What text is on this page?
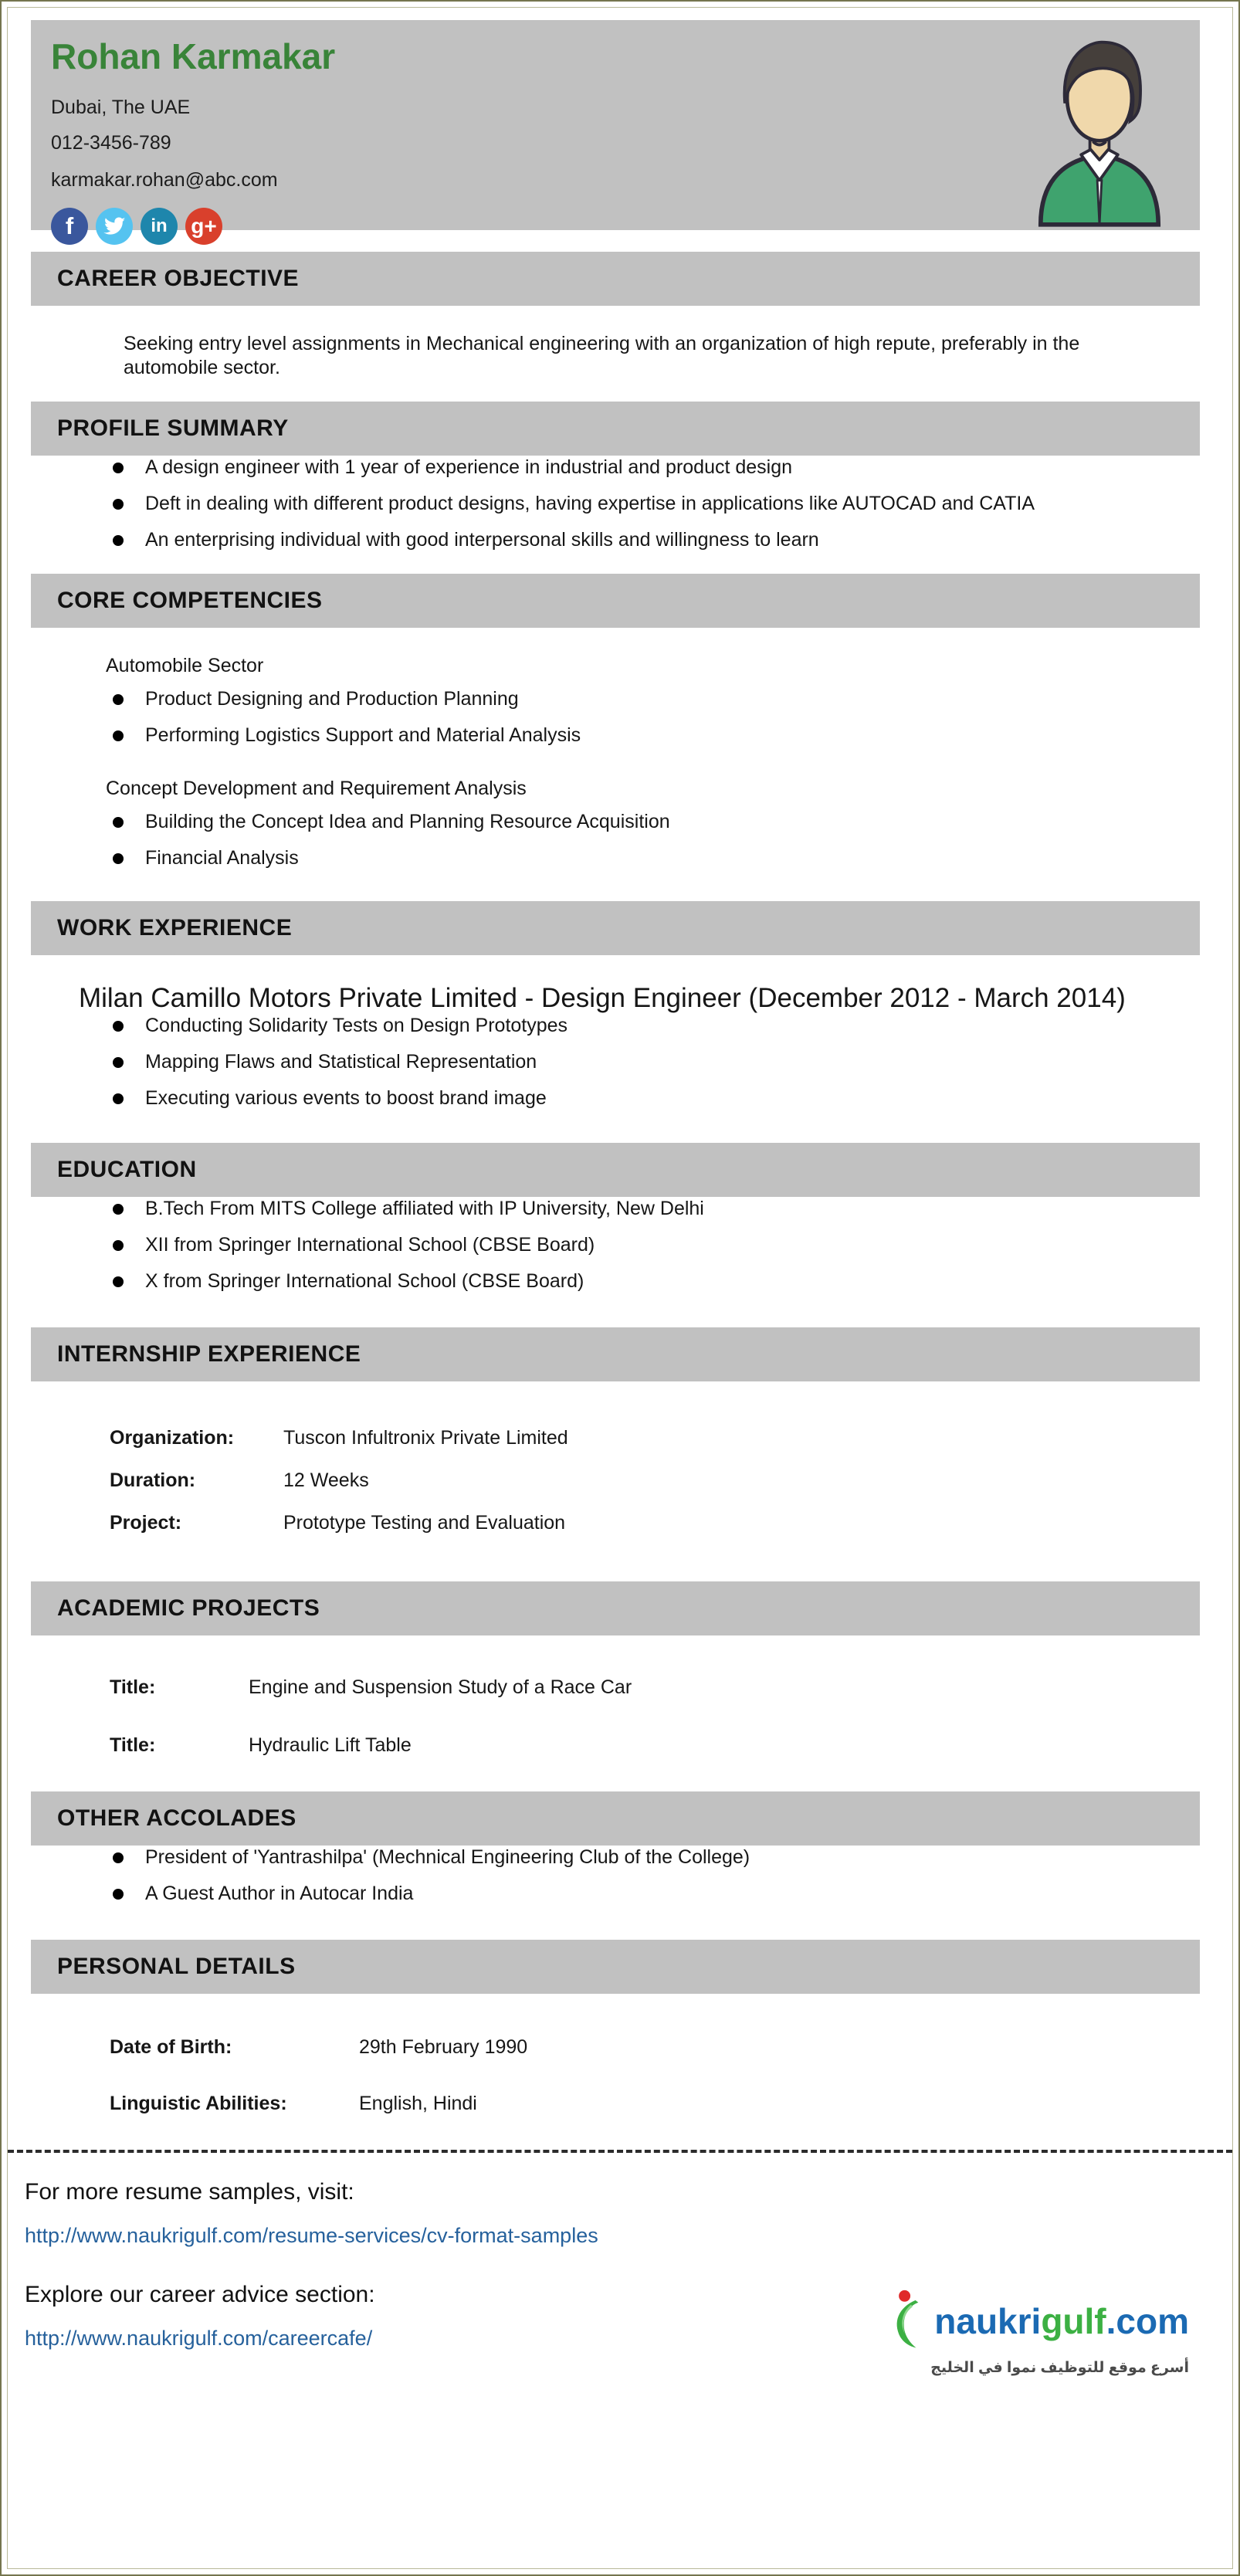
Rohan Karmakar

Dubai, The UAE

012-3456-789

karmakar.rohan@abc.com

f	in	g+
CAREER OBJECTIVE

Seeking entry level assignments in Mechanical engineering with an organization of high repute, preferably in the automobile sector.

PROFILE SUMMARY
A design engineer with 1 year of experience in industrial and product design
Deft in dealing with different product designs, having expertise in applications like AUTOCAD and CATIA
An enterprising individual with good interpersonal skills and willingness to learn
CORE COMPETENCIES

Automobile Sector

Product Designing and Production Planning
Performing Logistics Support and Material Analysis

Concept Development and Requirement Analysis

Building the Concept Idea and Planning Resource Acquisition
Financial Analysis
WORK EXPERIENCE

Milan Camillo Motors Private Limited - Design Engineer (December 2012 - March 2014)

Conducting Solidarity Tests on Design Prototypes
Mapping Flaws and Statistical Representation
Executing various events to boost brand image
EDUCATION
B.Tech From MITS College affiliated with IP University, New Delhi
XII from Springer International School (CBSE Board)
X from Springer International School (CBSE Board)
INTERNSHIP EXPERIENCE
Organization:	Tuscon Infultronix Private Limited
Duration:	12 Weeks
Project:	Prototype Testing and Evaluation
ACADEMIC PROJECTS
Title:	Engine and Suspension Study of a Race Car
Title:	Hydraulic Lift Table
OTHER ACCOLADES
President of 'Yantrashilpa' (Mechnical Engineering Club of the College)
A Guest Author in Autocar India
PERSONAL DETAILS
Date of Birth:	29th February 1990
Linguistic Abilities:	English, Hindi

For more resume samples, visit:

http://www.naukrigulf.com/resume-services/cv-format-samples

Explore our career advice section:

http://www.naukrigulf.com/careercafe/	naukrigulf.com
أسرع موقع للتوظيف نموا في الخليج
